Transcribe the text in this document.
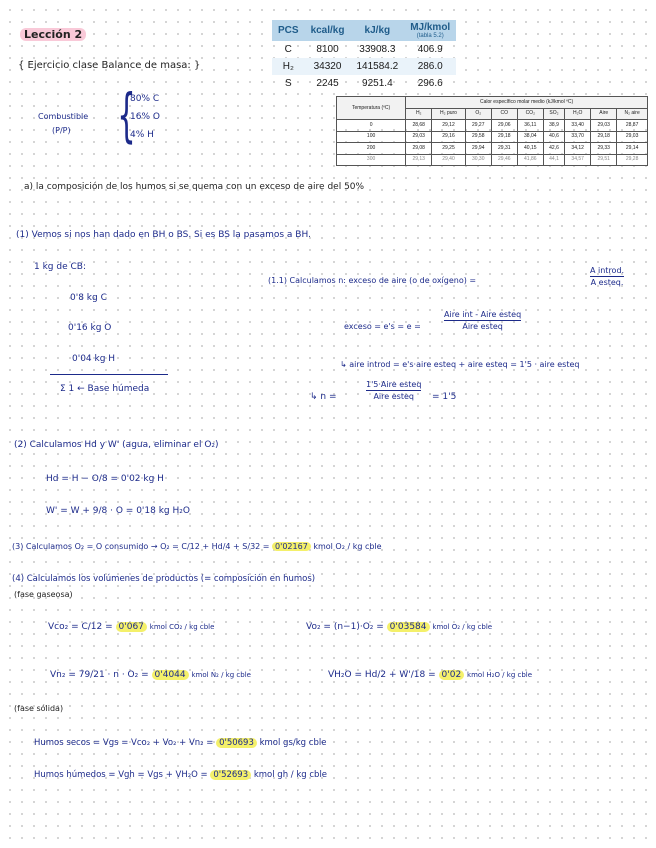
Lección 2
{ Ejercicio clase Balance de masa: }
Combustible
(P/P) {
80% C
16% O
4% H
PCS	kcal/kg	kJ/kg	MJ/kmol
(tabla 5.2)

C	8100	33908.3	406.9
H₂	34320	141584.2	286.0
S	2245	9251.4	296.6
Temperatura (ºC)	Calor específico molar medio (kJ/kmol ºC)								
	H₂	H₂ puro	O₂	CO	CO₂	SO₂	H₂O	Aire	N₂ aire
0	28,68	29,12	29,27	29,06	36,11	38,9	33,40	29,03	28,87
100	29,03	29,16	29,58	29,18	38,04	40,6	33,70	29,18	29,03
200	29,08	29,25	29,94	29,31	40,15	42,6	34,12	29,33	29,14
300	29,13	29,40	30,30	29,46	41,86	44,1	34,57	29,51	29,28
a) la composición de los humos si se quema con un exceso de aire del 50%
(1) Vemos si nos han dado en BH o BS. Si es BS la pasamos a BH.
1 kg de CB:
0'8 kg C
0'16 kg O
0'04 kg H
Σ 1 ← Base húmeda
(1.1) Calculamos n: exceso de aire (o de oxígeno) =
A introd.
A esteq.
exceso = e's = e =
Aire int - Aire esteq
Aire esteq
↳ aire introd = e's·aire esteq + aire esteq = 1'5 · aire esteq
↳ n =
1'5·Aire esteq
Aire esteq = 1'5
(2) Calculamos Hd y W' (agua, eliminar el O₂)
Hd = H − O/8 = 0'02 kg H
W' = W + 9/8 · O = 0'18 kg H₂O
(3) Calculamos O₂ = O consumido → O₂ = C/12 + Hd/4 + S/32 = 0'02167 kmol O₂ / kg cble
(4) Calculamos los volúmenes de productos (= composición en humos)
(fase gaseosa)
Vco₂ = C/12 = 0'067 kmol CO₂ / kg cble	Vo₂ = (n−1)·O₂ = 0'03584 kmol O₂ / kg cble
Vn₂ = 79/21 · n · O₂ = 0'4044 kmol N₂ / kg cble	VH₂O = Hd/2 + W'/18 = 0'02 kmol H₂O / kg cble
(fase sólida)
Humos secos = Vgs = Vco₂ + Vo₂ + Vn₂ = 0'50693 kmol gs/kg cble
Humos húmedos = Vgh = Vgs + VH₂O = 0'52693 kmol gh / kg cble
